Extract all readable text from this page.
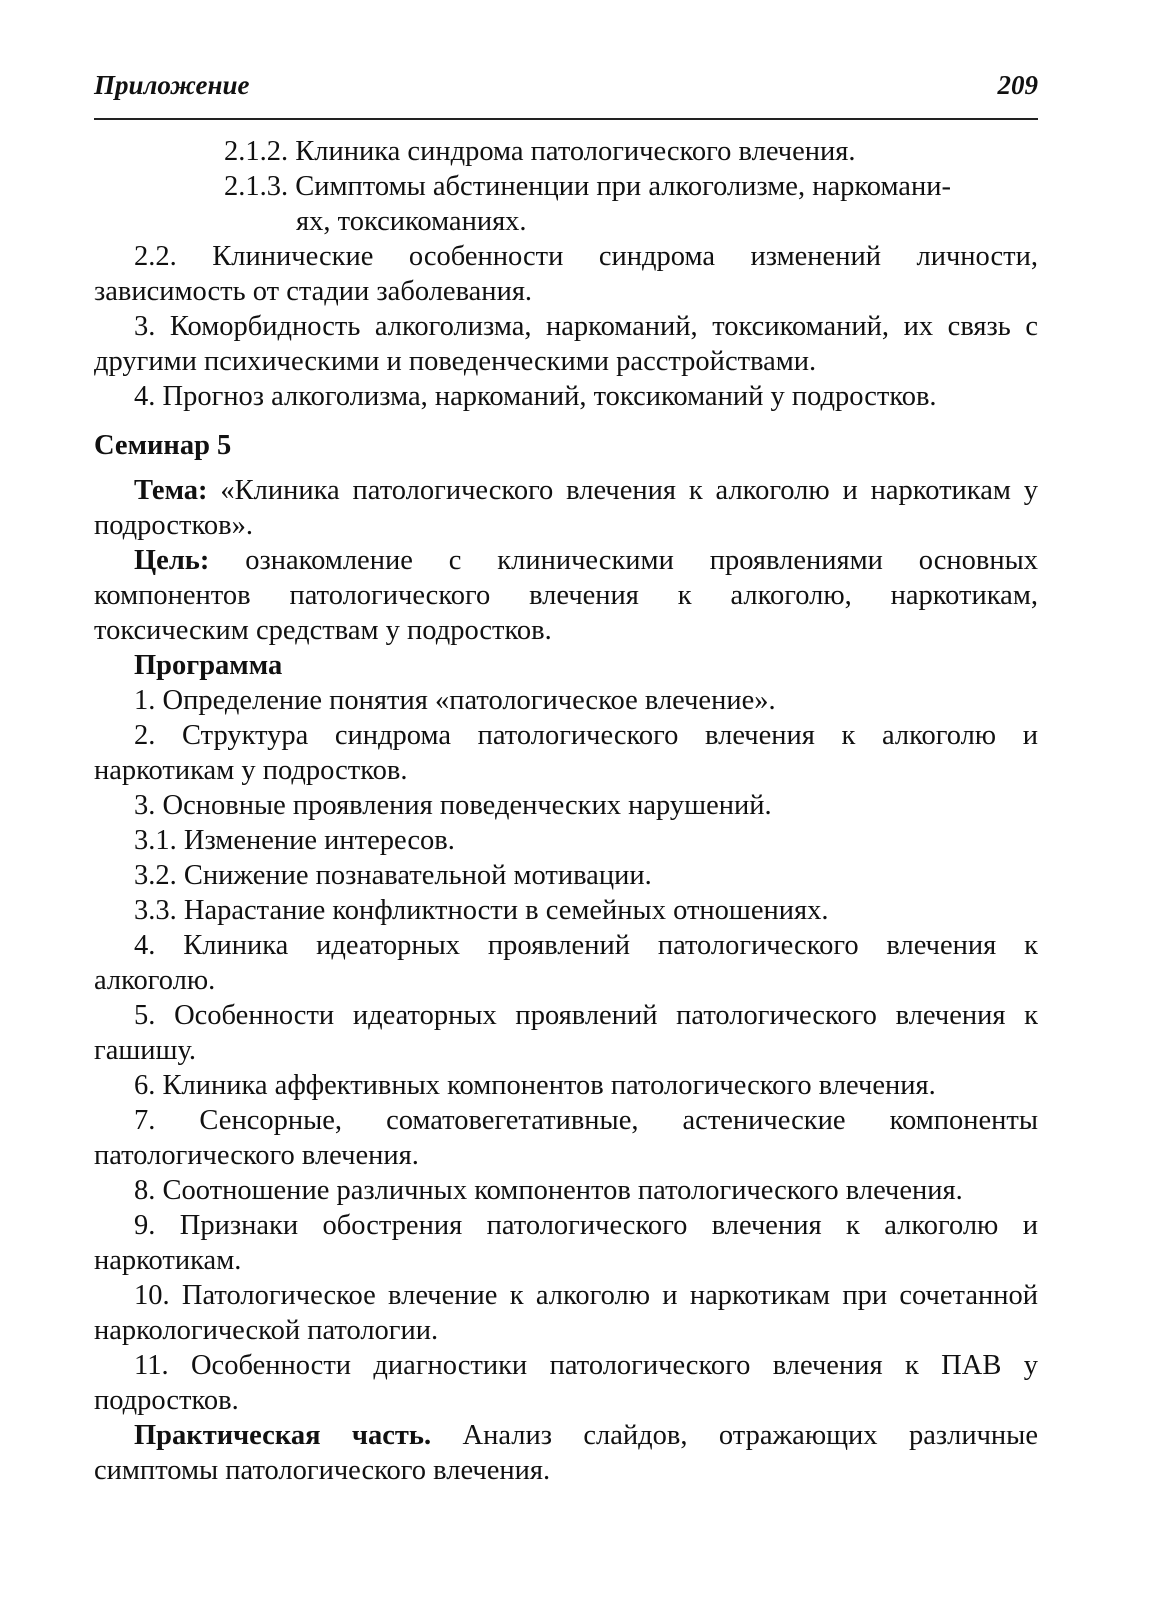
Приложение	209

2.1.2. Клиника синдрома патологического влечения.

2.1.3. Симптомы абстиненции при алкоголизме, наркомани-

ях, токсикоманиях.

2.2. Клинические особенности синдрома изменений личности, зависимость от стадии заболевания.

3. Коморбидность алкоголизма, наркоманий, токсикоманий, их связь с другими психическими и поведенческими расстройствами.

4. Прогноз алкоголизма, наркоманий, токсикоманий у подростков.

Семинар 5

Тема: «Клиника патологического влечения к алкоголю и наркотикам у подростков».

Цель: ознакомление с клиническими проявлениями основных компонентов патологического влечения к алкоголю, наркотикам, токсическим средствам у подростков.

Программа

1. Определение понятия «патологическое влечение».

2. Структура синдрома патологического влечения к алкоголю и наркотикам у подростков.

3. Основные проявления поведенческих нарушений.

3.1. Изменение интересов.

3.2. Снижение познавательной мотивации.

3.3. Нарастание конфликтности в семейных отношениях.

4. Клиника идеаторных проявлений патологического влечения к алкоголю.

5. Особенности идеаторных проявлений патологического влечения к гашишу.

6. Клиника аффективных компонентов патологического влечения.

7. Сенсорные, соматовегетативные, астенические компоненты патологического влечения.

8. Соотношение различных компонентов патологического влечения.

9. Признаки обострения патологического влечения к алкоголю и наркотикам.

10. Патологическое влечение к алкоголю и наркотикам при сочетанной наркологической патологии.

11. Особенности диагностики патологического влечения к ПАВ у подростков.

Практическая часть. Анализ слайдов, отражающих различные симптомы патологического влечения.
